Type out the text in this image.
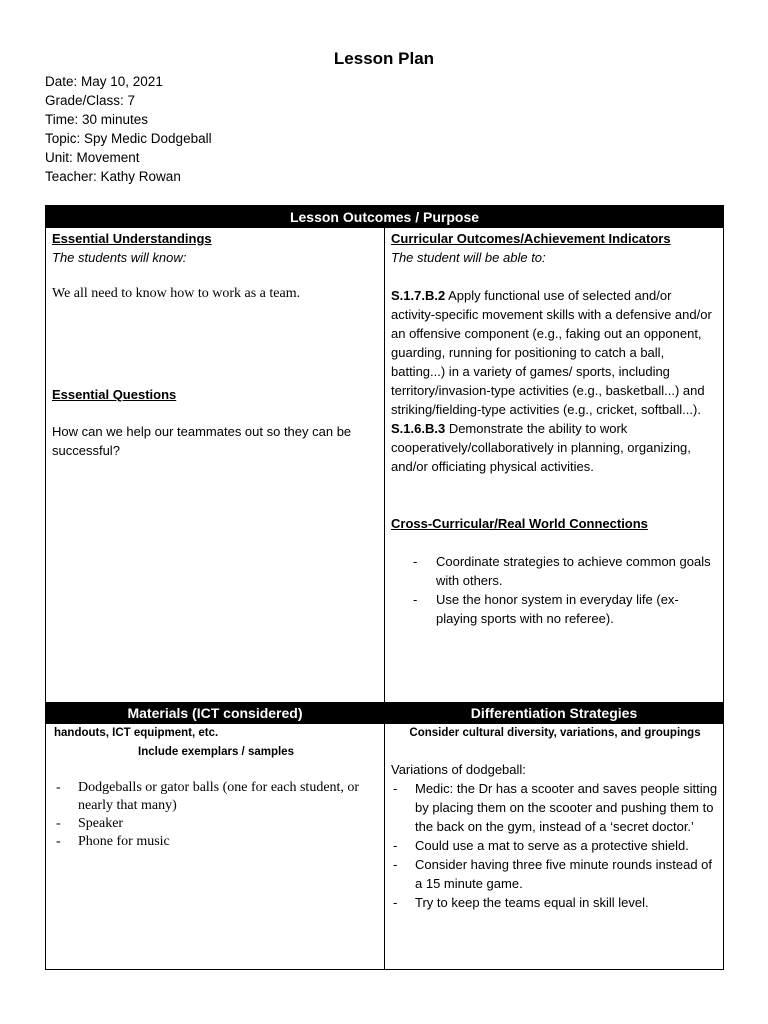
Lesson Plan
Date: May 10, 2021
Grade/Class: 7
Time: 30 minutes
Topic: Spy Medic Dodgeball
Unit: Movement
Teacher: Kathy Rowan
Lesson Outcomes / Purpose
Essential Understandings
The students will know:
We all need to know how to work as a team.
Essential Questions
How can we help our teammates out so they can be successful?
Curricular Outcomes/Achievement Indicators
The student will be able to:
S.1.7.B.2 Apply functional use of selected and/or activity-specific movement skills with a defensive and/or an offensive component (e.g., faking out an opponent, guarding, running for positioning to catch a ball, batting...) in a variety of games/ sports, including territory/invasion-type activities (e.g., basketball...) and striking/fielding-type activities (e.g., cricket, softball...).
S.1.6.B.3 Demonstrate the ability to work cooperatively/collaboratively in planning, organizing, and/or officiating physical activities.
Cross-Curricular/Real World Connections
- Coordinate strategies to achieve common goals with others.
- Use the honor system in everyday life (ex- playing sports with no referee).
Materials (ICT considered)	Differentiation Strategies
handouts, ICT equipment, etc.
Include exemplars / samples
- Dodgeballs or gator balls (one for each student, or nearly that many)
- Speaker
- Phone for music
Consider cultural diversity, variations, and groupings
Variations of dodgeball:
- Medic: the Dr has a scooter and saves people sitting by placing them on the scooter and pushing them to the back on the gym, instead of a ‘secret doctor.’
- Could use a mat to serve as a protective shield.
- Consider having three five minute rounds instead of a 15 minute game.
- Try to keep the teams equal in skill level.
